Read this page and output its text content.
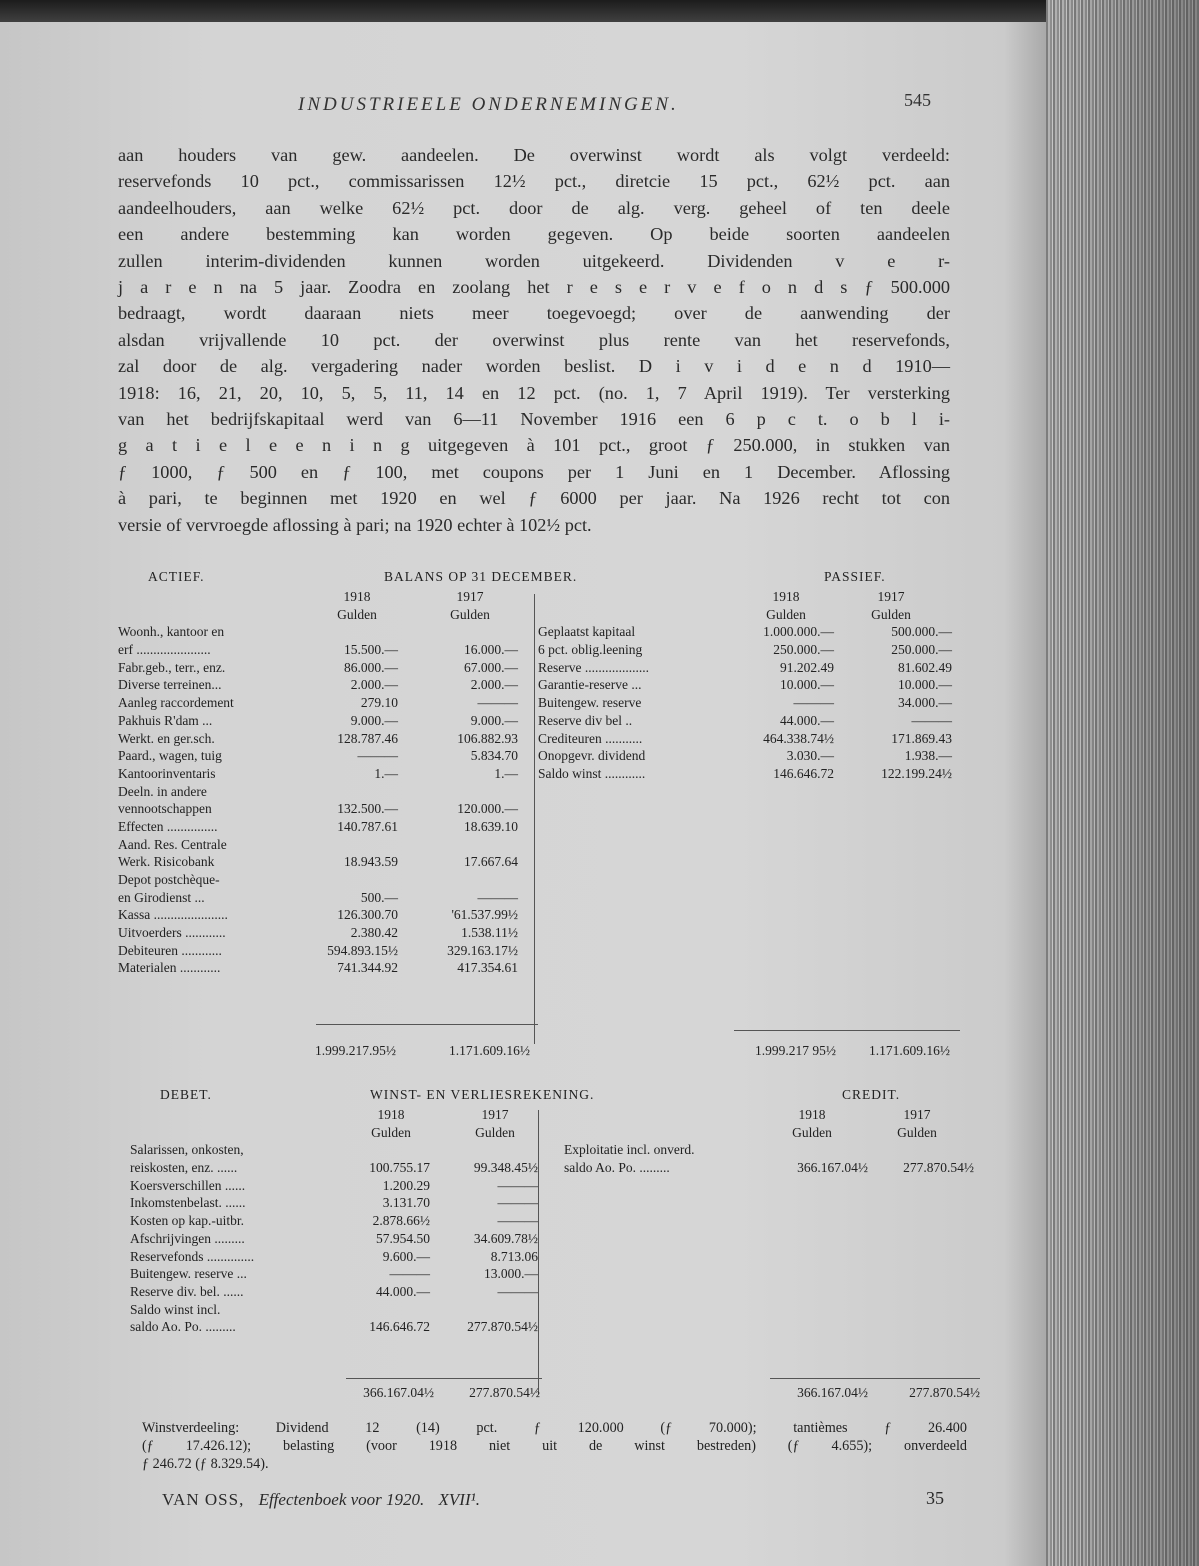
INDUSTRIEELE ONDERNEMINGEN.	545
aan houders van gew. aandeelen. De overwinst wordt als volgt verdeeld:
reservefonds 10 pct., commissarissen 12½ pct., diretcie 15 pct., 62½ pct. aan
aandeelhouders, aan welke 62½ pct. door de alg. verg. geheel of ten deele
een andere bestemming kan worden gegeven. Op beide soorten aandeelen
zullen interim-dividenden kunnen worden uitgekeerd. Dividenden v e r-
j a r e n na 5 jaar. Zoodra en zoolang het r e s e r v e f o n d s ƒ 500.000
bedraagt, wordt daaraan niets meer toegevoegd; over de aanwending der
alsdan vrijvallende 10 pct. der overwinst plus rente van het reservefonds,
zal door de alg. vergadering nader worden beslist. D i v i d e n d 1910—
1918: 16, 21, 20, 10, 5, 5, 11, 14 en 12 pct. (no. 1, 7 April 1919). Ter versterking
van het bedrijfskapitaal werd van 6—11 November 1916 een 6 p c t. o b l i-
g a t i e l e e n i n g uitgegeven à 101 pct., groot ƒ 250.000, in stukken van
ƒ 1000, ƒ 500 en ƒ 100, met coupons per 1 Juni en 1 December. Aflossing
à pari, te beginnen met 1920 en wel ƒ 6000 per jaar. Na 1926 recht tot con
versie of vervroegde aflossing à pari; na 1920 echter à 102½ pct.
ACTIEF.	BALANS OP 31 DECEMBER.	PASSIEF.
1918	1917	1918	1917
Gulden	Gulden	Gulden	Gulden
Woonh., kantoor en
erf ......................	15.500.—	16.000.—
Fabr.geb., terr., enz.	86.000.—	67.000.—
Diverse terreinen...	2.000.—	2.000.—
Aanleg raccordement	279.10	———
Pakhuis R'dam ...	9.000.—	9.000.—
Werkt. en ger.sch.	128.787.46	106.882.93
Paard., wagen, tuig	———	5.834.70
Kantoorinventaris	1.—	1.—
Deeln. in andere
vennootschappen	132.500.—	120.000.—
Effecten ...............	140.787.61	18.639.10
Aand. Res. Centrale
Werk. Risicobank	18.943.59	17.667.64
Depot postchèque-
en Girodienst ...	500.—	———
Kassa ......................	126.300.70	'61.537.99½
Uitvoerders ............	2.380.42	1.538.11½
Debiteuren ............	594.893.15½	329.163.17½
Materialen ............	741.344.92	417.354.61
Geplaatst kapitaal	1.000.000.—	500.000.—
6 pct. oblig.leening	250.000.—	250.000.—
Reserve ...................	91.202.49	81.602.49
Garantie-reserve ...	10.000.—	10.000.—
Buitengew. reserve	———	34.000.—
Reserve div bel ..	44.000.—	———
Crediteuren ...........	464.338.74½	171.869.43
Onopgevr. dividend	3.030.—	1.938.—
Saldo winst ............	146.646.72	122.199.24½
1.999.217.95½	1.171.609.16½	1.999.217 95½	1.171.609.16½
DEBET.	WINST- EN VERLIESREKENING.	CREDIT.
1918	1917	1918	1917
Gulden	Gulden	Gulden	Gulden
Salarissen, onkosten,
reiskosten, enz. ......	100.755.17	99.348.45½
Koersverschillen ......	1.200.29	———
Inkomstenbelast. ......	3.131.70	———
Kosten op kap.-uitbr.	2.878.66½	———
Afschrijvingen .........	57.954.50	34.609.78½
Reservefonds ..............	9.600.—	8.713.06
Buitengew. reserve ...	———	13.000.—
Reserve div. bel. ......	44.000.—	———
Saldo winst incl.
saldo Ao. Po. .........	146.646.72	277.870.54½
Exploitatie incl. onverd.
saldo Ao. Po. .........	366.167.04½	277.870.54½
366.167.04½	277.870.54½	366.167.04½	277.870.54½
Winstverdeeling: Dividend 12 (14) pct. ƒ 120.000 (ƒ 70.000); tantièmes ƒ 26.400
(ƒ 17.426.12); belasting (voor 1918 niet uit de winst bestreden) (ƒ 4.655); onverdeeld
ƒ 246.72 (ƒ 8.329.54).
VAN OSS, Effectenboek voor 1920. XVII¹.	35
